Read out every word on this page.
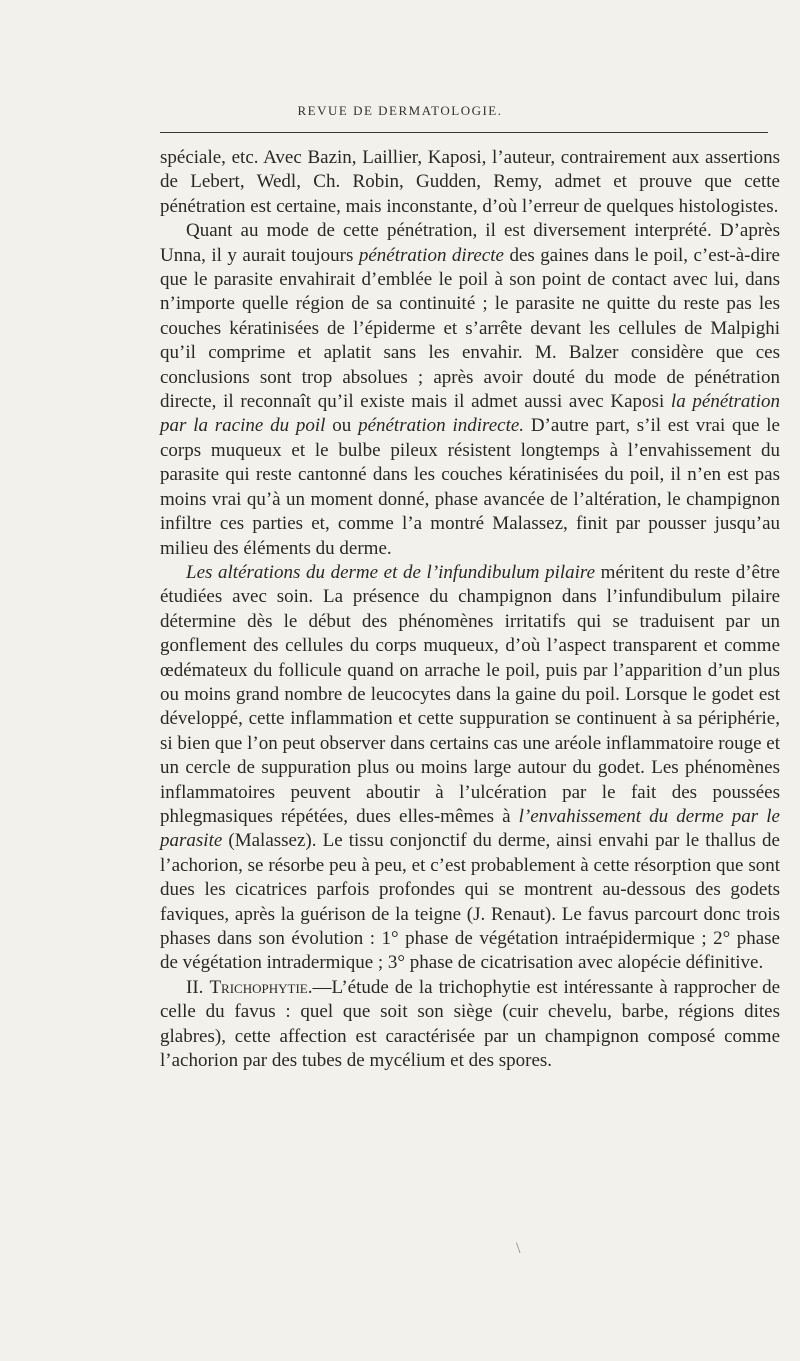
REVUE DE DERMATOLOGIE.

spéciale, etc. Avec Bazin, Laillier, Kaposi, l’auteur, contrairement aux assertions de Lebert, Wedl, Ch. Robin, Gudden, Remy, admet et prouve que cette pénétration est certaine, mais inconstante, d’où l’erreur de quelques histologistes.

Quant au mode de cette pénétration, il est diversement interprété. D’après Unna, il y aurait toujours pénétration directe des gaines dans le poil, c’est-à-dire que le parasite envahirait d’emblée le poil à son point de contact avec lui, dans n’importe quelle région de sa continuité ; le parasite ne quitte du reste pas les couches kératinisées de l’épiderme et s’arrête devant les cellules de Malpighi qu’il comprime et aplatit sans les envahir. M. Balzer considère que ces conclusions sont trop absolues ; après avoir douté du mode de pénétration directe, il reconnaît qu’il existe mais il admet aussi avec Kaposi la pénétration par la racine du poil ou pénétration indirecte. D’autre part, s’il est vrai que le corps muqueux et le bulbe pileux résistent longtemps à l’envahissement du parasite qui reste cantonné dans les couches kératinisées du poil, il n’en est pas moins vrai qu’à un moment donné, phase avancée de l’altération, le champignon infiltre ces parties et, comme l’a montré Malassez, finit par pousser jusqu’au milieu des éléments du derme.

Les altérations du derme et de l’infundibulum pilaire méritent du reste d’être étudiées avec soin. La présence du champignon dans l’infundibulum pilaire détermine dès le début des phénomènes irritatifs qui se traduisent par un gonflement des cellules du corps muqueux, d’où l’aspect transparent et comme œdémateux du follicule quand on arrache le poil, puis par l’apparition d’un plus ou moins grand nombre de leucocytes dans la gaine du poil. Lorsque le godet est développé, cette inflammation et cette suppuration se continuent à sa périphérie, si bien que l’on peut observer dans certains cas une aréole inflammatoire rouge et un cercle de suppuration plus ou moins large autour du godet. Les phénomènes inflammatoires peuvent aboutir à l’ulcération par le fait des poussées phlegmasiques répétées, dues elles-mêmes à l’envahissement du derme par le parasite (Malassez). Le tissu conjonctif du derme, ainsi envahi par le thallus de l’achorion, se résorbe peu à peu, et c’est probablement à cette résorption que sont dues les cicatrices parfois profondes qui se montrent au-dessous des godets faviques, après la guérison de la teigne (J. Renaut). Le favus parcourt donc trois phases dans son évolution : 1° phase de végétation intraépidermique ; 2° phase de végétation intradermique ; 3° phase de cicatrisation avec alopécie définitive.

II. Trichophytie.—L’étude de la trichophytie est intéressante à rapprocher de celle du favus : quel que soit son siège (cuir chevelu, barbe, régions dites glabres), cette affection est caractérisée par un champignon composé comme l’achorion par des tubes de mycélium et des spores.

\
